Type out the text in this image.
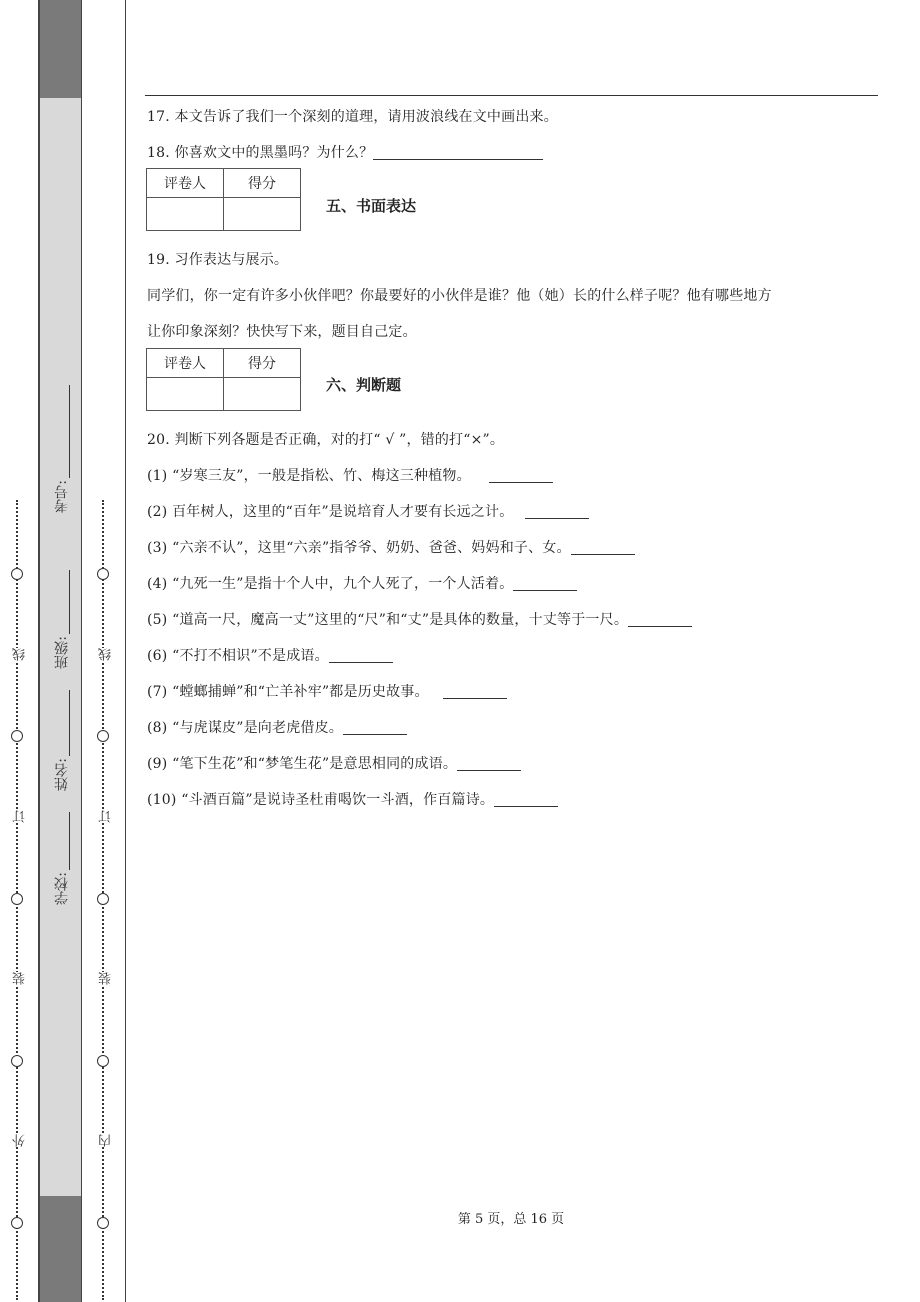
线
订
装
外
学校:
姓名:
班级:
考号:
线
订
装
内
17. 本文告诉了我们一个深刻的道理，请用波浪线在文中画出来。
18. 你喜欢文中的黑墨吗？为什么？
评卷人	得分

五、书面表达
19. 习作表达与展示。
同学们，你一定有许多小伙伴吧？你最要好的小伙伴是谁？他（她）长的什么样子呢？他有哪些地方
让你印象深刻？快快写下来，题目自己定。
评卷人	得分

六、判断题
20. 判断下列各题是否正确，对的打“ √ ”，错的打“×”。
(1) “岁寒三友”，一般是指松、竹、梅这三种植物。
(2) 百年树人，这里的“百年”是说培育人才要有长远之计。
(3) “六亲不认”，这里“六亲”指爷爷、奶奶、爸爸、妈妈和子、女。
(4) “九死一生”是指十个人中，九个人死了，一个人活着。
(5) “道高一尺，魔高一丈”这里的“尺”和“丈”是具体的数量，十丈等于一尺。
(6) “不打不相识”不是成语。
(7) “螳螂捕蝉”和“亡羊补牢”都是历史故事。
(8) “与虎谋皮”是向老虎借皮。
(9) “笔下生花”和“梦笔生花”是意思相同的成语。
(10) “斗酒百篇”是说诗圣杜甫喝饮一斗酒，作百篇诗。
第 5 页，总 16 页
